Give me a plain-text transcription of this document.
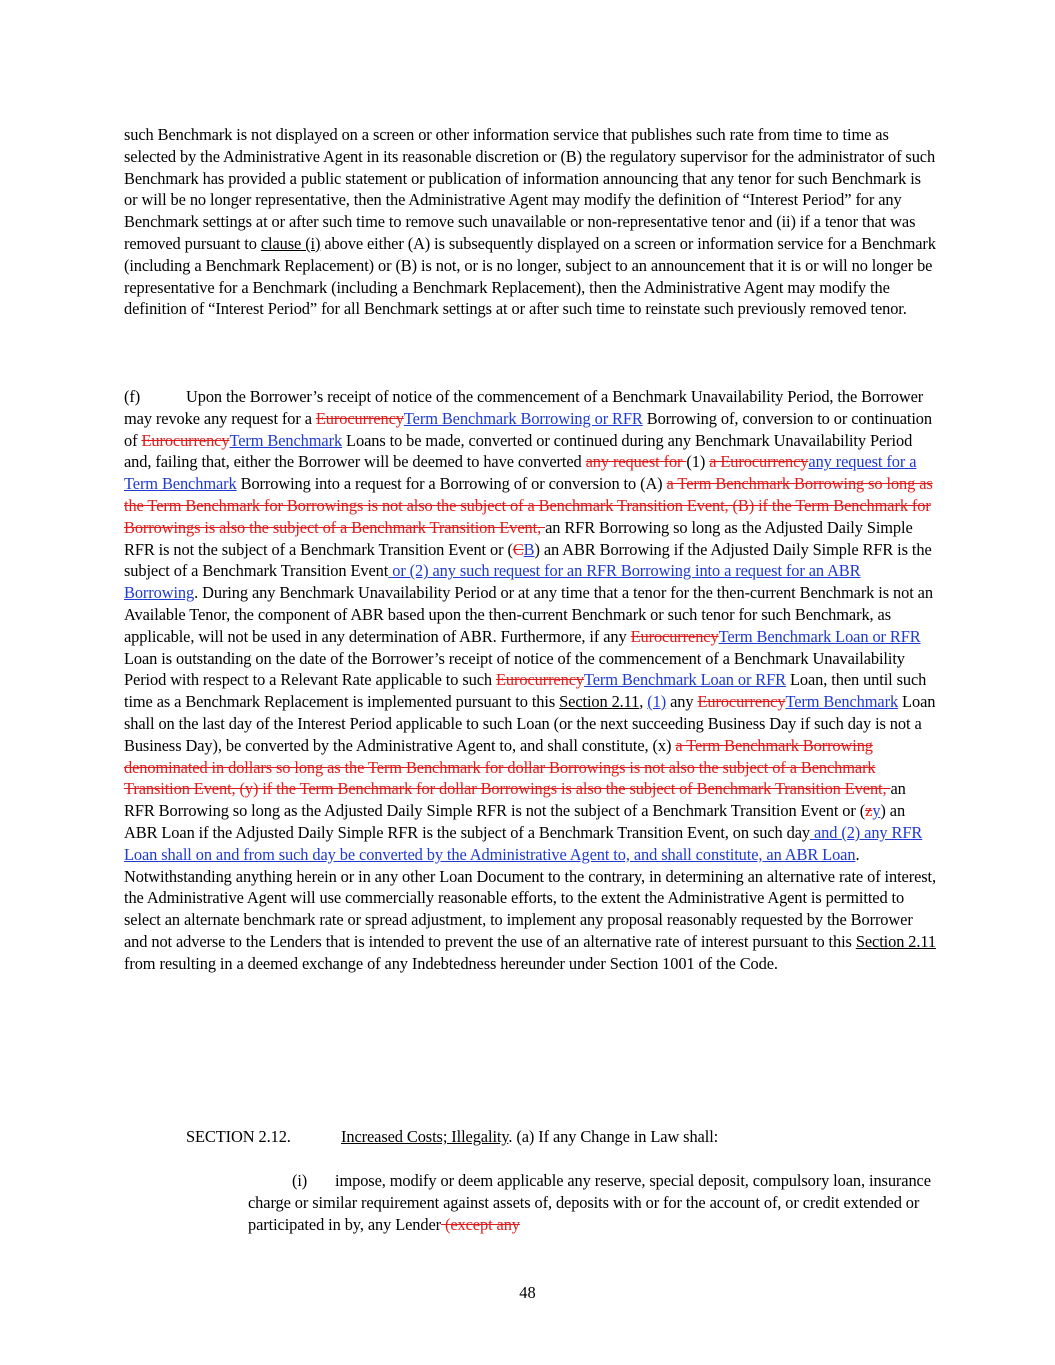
such Benchmark is not displayed on a screen or other information service that publishes such rate from time to time as selected by the Administrative Agent in its reasonable discretion or (B) the regulatory supervisor for the administrator of such Benchmark has provided a public statement or publication of information announcing that any tenor for such Benchmark is or will be no longer representative, then the Administrative Agent may modify the definition of “Interest Period” for any Benchmark settings at or after such time to remove such unavailable or non-representative tenor and (ii) if a tenor that was removed pursuant to clause (i) above either (A) is subsequently displayed on a screen or information service for a Benchmark (including a Benchmark Replacement) or (B) is not, or is no longer, subject to an announcement that it is or will no longer be representative for a Benchmark (including a Benchmark Replacement), then the Administrative Agent may modify the definition of “Interest Period” for all Benchmark settings at or after such time to reinstate such previously removed tenor.
(f)	Upon the Borrower’s receipt of notice of the commencement of a Benchmark Unavailability Period, the Borrower may revoke any request for a EurocurrencyTerm Benchmark Borrowing or RFR Borrowing of, conversion to or continuation of EurocurrencyTerm Benchmark Loans to be made, converted or continued during any Benchmark Unavailability Period and, failing that, either the Borrower will be deemed to have converted any request for (1) a Eurocurrencyany request for a Term Benchmark Borrowing into a request for a Borrowing of or conversion to (A) a Term Benchmark Borrowing so long as the Term Benchmark for Borrowings is not also the subject of a Benchmark Transition Event, (B) if the Term Benchmark for Borrowings is also the subject of a Benchmark Transition Event, an RFR Borrowing so long as the Adjusted Daily Simple RFR is not the subject of a Benchmark Transition Event or (CB) an ABR Borrowing if the Adjusted Daily Simple RFR is the subject of a Benchmark Transition Event or (2) any such request for an RFR Borrowing into a request for an ABR Borrowing. During any Benchmark Unavailability Period or at any time that a tenor for the then-current Benchmark is not an Available Tenor, the component of ABR based upon the then-current Benchmark or such tenor for such Benchmark, as applicable, will not be used in any determination of ABR. Furthermore, if any EurocurrencyTerm Benchmark Loan or RFR Loan is outstanding on the date of the Borrower’s receipt of notice of the commencement of a Benchmark Unavailability Period with respect to a Relevant Rate applicable to such EurocurrencyTerm Benchmark Loan or RFR Loan, then until such time as a Benchmark Replacement is implemented pursuant to this Section 2.11, (1) any EurocurrencyTerm Benchmark Loan shall on the last day of the Interest Period applicable to such Loan (or the next succeeding Business Day if such day is not a Business Day), be converted by the Administrative Agent to, and shall constitute, (x) a Term Benchmark Borrowing denominated in dollars so long as the Term Benchmark for dollar Borrowings is not also the subject of a Benchmark Transition Event, (y) if the Term Benchmark for dollar Borrowings is also the subject of Benchmark Transition Event, an RFR Borrowing so long as the Adjusted Daily Simple RFR is not the subject of a Benchmark Transition Event or (zy) an ABR Loan if the Adjusted Daily Simple RFR is the subject of a Benchmark Transition Event, on such day and (2) any RFR Loan shall on and from such day be converted by the Administrative Agent to, and shall constitute, an ABR Loan. Notwithstanding anything herein or in any other Loan Document to the contrary, in determining an alternative rate of interest, the Administrative Agent will use commercially reasonable efforts, to the extent the Administrative Agent is permitted to select an alternate benchmark rate or spread adjustment, to implement any proposal reasonably requested by the Borrower and not adverse to the Lenders that is intended to prevent the use of an alternative rate of interest pursuant to this Section 2.11 from resulting in a deemed exchange of any Indebtedness hereunder under Section 1001 of the Code.
SECTION 2.12.	Increased Costs; Illegality. (a) If any Change in Law shall:
(i) impose, modify or deem applicable any reserve, special deposit, compulsory loan, insurance charge or similar requirement against assets of, deposits with or for the account of, or credit extended or participated in by, any Lender (except any
48
